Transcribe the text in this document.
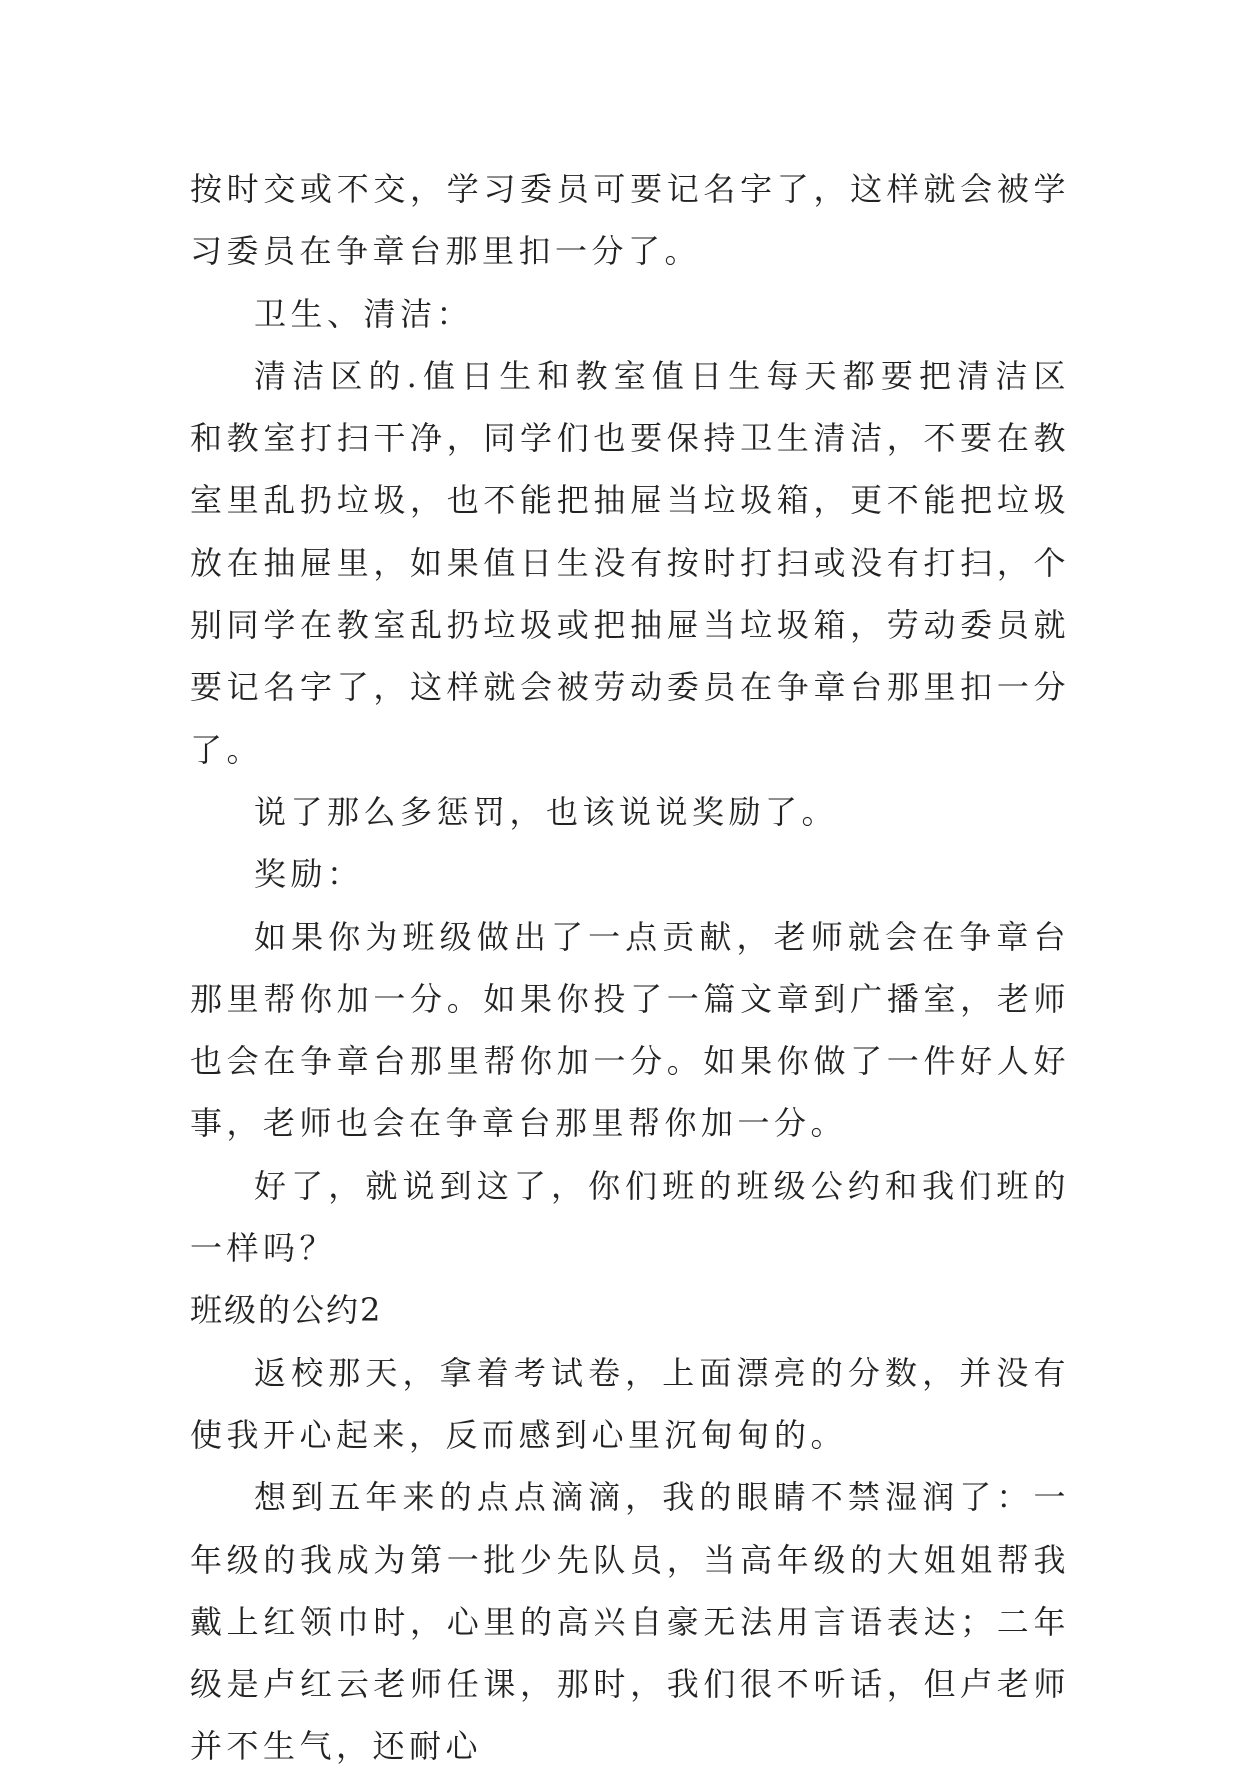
按时交或不交，学习委员可要记名字了，这样就会被学习委员在争章台那里扣一分了。

卫生、清洁：

清洁区的.值日生和教室值日生每天都要把清洁区和教室打扫干净，同学们也要保持卫生清洁，不要在教室里乱扔垃圾，也不能把抽屉当垃圾箱，更不能把垃圾放在抽屉里，如果值日生没有按时打扫或没有打扫，个别同学在教室乱扔垃圾或把抽屉当垃圾箱，劳动委员就要记名字了，这样就会被劳动委员在争章台那里扣一分了。

说了那么多惩罚，也该说说奖励了。

奖励：

如果你为班级做出了一点贡献，老师就会在争章台那里帮你加一分。如果你投了一篇文章到广播室，老师也会在争章台那里帮你加一分。如果你做了一件好人好事，老师也会在争章台那里帮你加一分。

好了，就说到这了，你们班的班级公约和我们班的一样吗？

班级的公约2

返校那天，拿着考试卷，上面漂亮的分数，并没有使我开心起来，反而感到心里沉甸甸的。

想到五年来的点点滴滴，我的眼睛不禁湿润了：一年级的我成为第一批少先队员，当高年级的大姐姐帮我戴上红领巾时，心里的高兴自豪无法用言语表达；二年级是卢红云老师任课，那时，我们很不听话，但卢老师并不生气，还耐心
